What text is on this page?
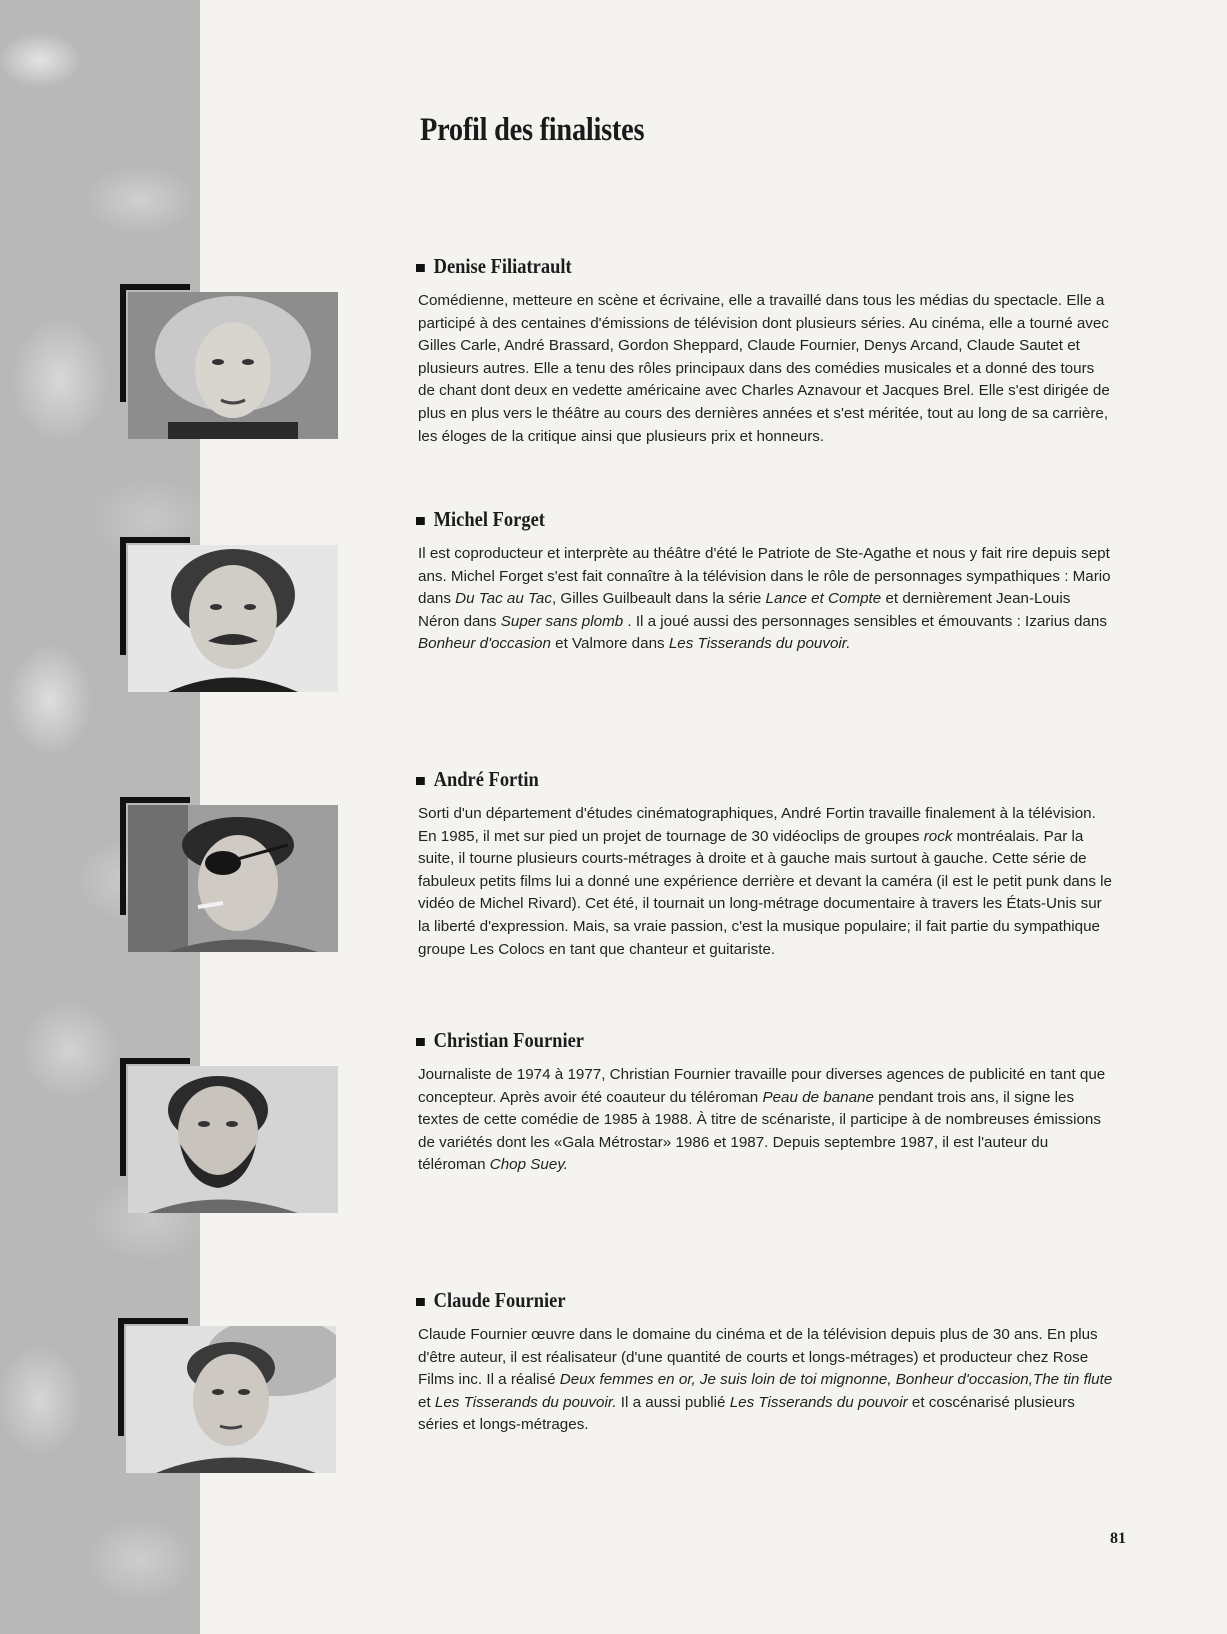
Profil des finalistes
Denise Filiatrault

Comédienne, metteure en scène et écrivaine, elle a travaillé dans tous les médias du spectacle. Elle a participé à des centaines d'émissions de télévision dont plusieurs séries. Au cinéma, elle a tourné avec Gilles Carle, André Brassard, Gordon Sheppard, Claude Fournier, Denys Arcand, Claude Sautet et plusieurs autres. Elle a tenu des rôles principaux dans des comédies musicales et a donné des tours de chant dont deux en vedette américaine avec Charles Aznavour et Jacques Brel. Elle s'est dirigée de plus en plus vers le théâtre au cours des dernières années et s'est méritée, tout au long de sa carrière, les éloges de la critique ainsi que plusieurs prix et honneurs.

Michel Forget

Il est coproducteur et interprète au théâtre d'été le Patriote de Ste-Agathe et nous y fait rire depuis sept ans. Michel Forget s'est fait connaître à la télévision dans le rôle de personnages sympathiques : Mario dans Du Tac au Tac, Gilles Guilbeault dans la série Lance et Compte et dernièrement Jean-Louis Néron dans Super sans plomb . Il a joué aussi des personnages sensibles et émouvants : Izarius dans Bonheur d'occasion et Valmore dans Les Tisserands du pouvoir.

André Fortin

Sorti d'un département d'études cinématographiques, André Fortin travaille finalement à la télévision. En 1985, il met sur pied un projet de tournage de 30 vidéoclips de groupes rock montréalais. Par la suite, il tourne plusieurs courts-métrages à droite et à gauche mais surtout à gauche. Cette série de fabuleux petits films lui a donné une expérience derrière et devant la caméra (il est le petit punk dans le vidéo de Michel Rivard). Cet été, il tournait un long-métrage documentaire à travers les États-Unis sur la liberté d'expression. Mais, sa vraie passion, c'est la musique populaire; il fait partie du sympathique groupe Les Colocs en tant que chanteur et guitariste.

Christian Fournier

Journaliste de 1974 à 1977, Christian Fournier travaille pour diverses agences de publicité en tant que concepteur. Après avoir été coauteur du téléroman Peau de banane pendant trois ans, il signe les textes de cette comédie de 1985 à 1988. À titre de scénariste, il participe à de nombreuses émissions de variétés dont les «Gala Métrostar» 1986 et 1987. Depuis septembre 1987, il est l'auteur du téléroman Chop Suey.

Claude Fournier

Claude Fournier œuvre dans le domaine du cinéma et de la télévision depuis plus de 30 ans. En plus d'être auteur, il est réalisateur (d'une quantité de courts et longs-métrages) et producteur chez Rose Films inc. Il a réalisé Deux femmes en or, Je suis loin de toi mignonne, Bonheur d'occasion,The tin flute et Les Tisserands du pouvoir. Il a aussi publié Les Tisserands du pouvoir et coscénarisé plusieurs séries et longs-métrages.

81
